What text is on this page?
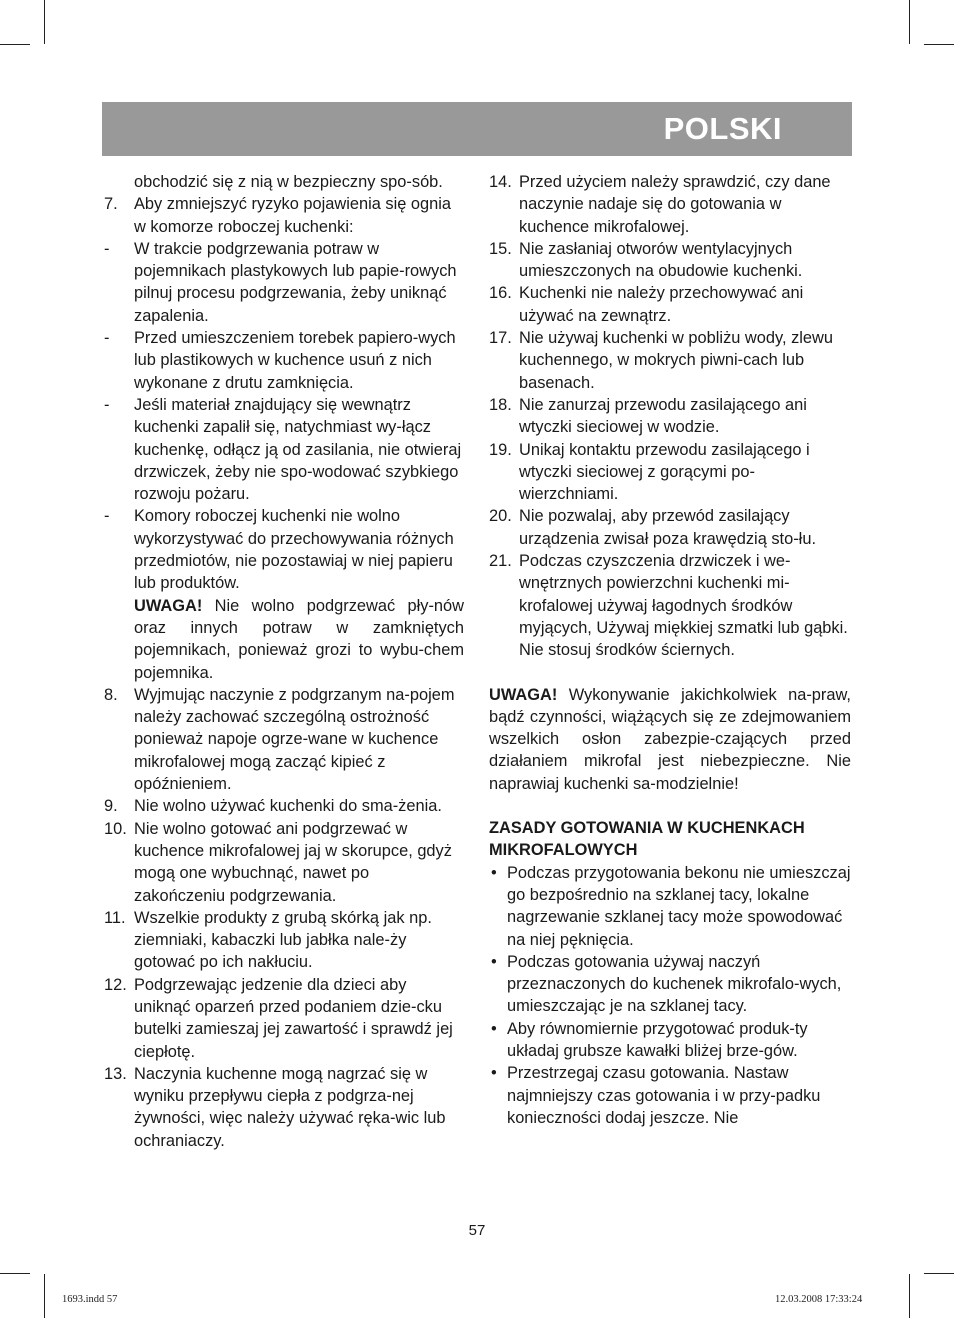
POLSKI
obchodzić się z nią w bezpieczny spo-sób.
7. Aby zmniejszyć ryzyko pojawienia się ognia w komorze roboczej kuchenki:
- W trakcie podgrzewania potraw w pojemnikach plastykowych lub papie-rowych pilnuj procesu podgrzewania, żeby uniknąć zapalenia.
- Przed umieszczeniem torebek papiero-wych lub plastikowych w kuchence usuń z nich wykonane z drutu zamknięcia.
- Jeśli materiał znajdujący się wewnątrz kuchenki zapalił się, natychmiast wy-łącz kuchenkę, odłącz ją od zasilania, nie otwieraj drzwiczek, żeby nie spo-wodować szybkiego rozwoju pożaru.
- Komory roboczej kuchenki nie wolno wykorzystywać do przechowywania różnych przedmiotów, nie pozostawiaj w niej papieru lub produktów.
UWAGA! Nie wolno podgrzewać pły-nów oraz innych potraw w zamkniętych pojemnikach, ponieważ grozi to wybu-chem pojemnika.
8. Wyjmując naczynie z podgrzanym na-pojem należy zachować szczególną ostrożność ponieważ napoje ogrze-wane w kuchence mikrofalowej mogą zacząć kipieć z opóźnieniem.
9. Nie wolno używać kuchenki do sma-żenia.
10. Nie wolno gotować ani podgrzewać w kuchence mikrofalowej jaj w skorupce, gdyż mogą one wybuchnąć, nawet po zakończeniu podgrzewania.
11. Wszelkie produkty z grubą skórką jak np. ziemniaki, kabaczki lub jabłka nale-ży gotować po ich nakłuciu.
12. Podgrzewając jedzenie dla dzieci aby uniknąć oparzeń przed podaniem dzie-cku butelki zamieszaj jej zawartość i sprawdź jej ciepłotę.
13. Naczynia kuchenne mogą nagrzać się w wyniku przepływu ciepła z podgrza-nej żywności, więc należy używać ręka-wic lub ochraniaczy.
14. Przed użyciem należy sprawdzić, czy dane naczynie nadaje się do gotowania w kuchence mikrofalowej.
15. Nie zasłaniaj otworów wentylacyjnych umieszczonych na obudowie kuchenki.
16. Kuchenki nie należy przechowywać ani używać na zewnątrz.
17. Nie używaj kuchenki w pobliżu wody, zlewu kuchennego, w mokrych piwni-cach lub basenach.
18. Nie zanurzaj przewodu zasilającego ani wtyczki sieciowej w wodzie.
19. Unikaj kontaktu przewodu zasilającego i wtyczki sieciowej z gorącymi po-wierzchniami.
20. Nie pozwalaj, aby przewód zasilający urządzenia zwisał poza krawędzią sto-łu.
21. Podczas czyszczenia drzwiczek i we-wnętrznych powierzchni kuchenki mi-krofalowej używaj łagodnych środków myjących, Używaj miękkiej szmatki lub gąbki. Nie stosuj środków ściernych.
UWAGA! Wykonywanie jakichkolwiek na-praw, bądź czynności, wiążących się ze zdejmowaniem wszelkich osłon zabezpie-czających przed działaniem mikrofal jest niebezpieczne. Nie naprawiaj kuchenki sa-modzielnie!
ZASADY GOTOWANIA W KUCHENKACH MIKROFALOWYCH
• Podczas przygotowania bekonu nie umieszczaj go bezpośrednio na szklanej tacy, lokalne nagrzewanie szklanej tacy może spowodować na niej pęknięcia.
• Podczas gotowania używaj naczyń przeznaczonych do kuchenek mikrofalo-wych, umieszczając je na szklanej tacy.
• Aby równomiernie przygotować produk-ty układaj grubsze kawałki bliżej brze-gów.
• Przestrzegaj czasu gotowania. Nastaw najmniejszy czas gotowania i w przy-padku konieczności dodaj jeszcze. Nie
57
1693.indd 57	12.03.2008 17:33:24
